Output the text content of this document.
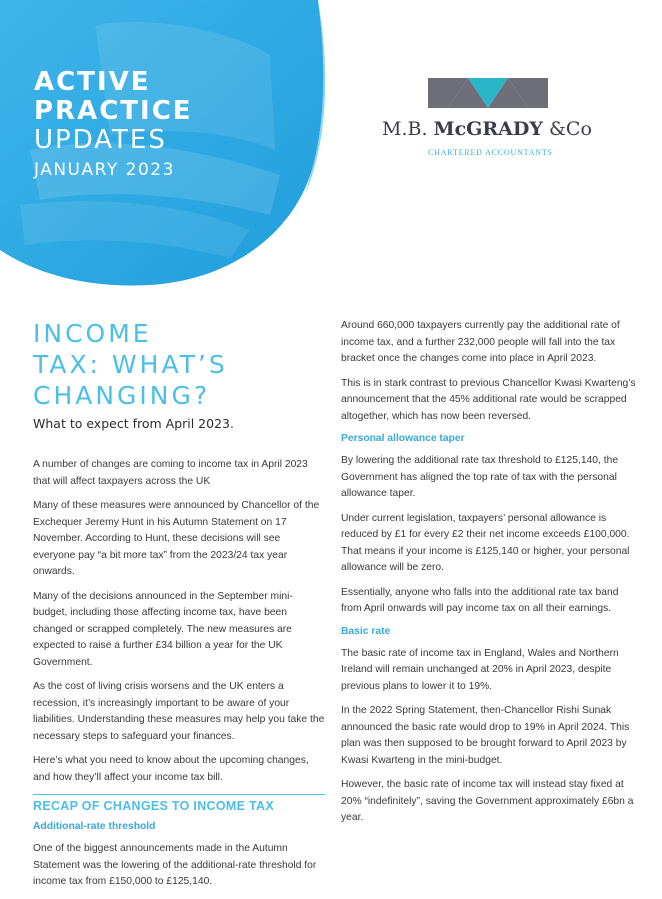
ACTIVE
PRACTICE
UPDATES
JANUARY 2023
M.B. McGRADY &Co
CHARTERED ACCOUNTANTS
INCOME
TAX: WHAT’S
CHANGING?
What to expect from April 2023.

A number of changes are coming to income tax in April 2023 that will affect taxpayers across the UK

Many of these measures were announced by Chancellor of the Exchequer Jeremy Hunt in his Autumn Statement on 17 November. According to Hunt, these decisions will see everyone pay “a bit more tax” from the 2023/24 tax year onwards.

Many of the decisions announced in the September mini-budget, including those affecting income tax, have been changed or scrapped completely. The new measures are expected to raise a further £34 billion a year for the UK Government.

As the cost of living crisis worsens and the UK enters a recession, it’s increasingly important to be aware of your liabilities. Understanding these measures may help you take the necessary steps to safeguard your finances.

Here’s what you need to know about the upcoming changes, and how they’ll affect your income tax bill.

RECAP OF CHANGES TO INCOME TAX
Additional-rate threshold

One of the biggest announcements made in the Autumn Statement was the lowering of the additional-rate threshold for income tax from £150,000 to £125,140.

Around 660,000 taxpayers currently pay the additional rate of income tax, and a further 232,000 people will fall into the tax bracket once the changes come into place in April 2023.

This is in stark contrast to previous Chancellor Kwasi Kwarteng’s announcement that the 45% additional rate would be scrapped altogether, which has now been reversed.

Personal allowance taper

By lowering the additional rate tax threshold to £125,140, the Government has aligned the top rate of tax with the personal allowance taper.

Under current legislation, taxpayers’ personal allowance is reduced by £1 for every £2 their net income exceeds £100,000. That means if your income is £125,140 or higher, your personal allowance will be zero.

Essentially, anyone who falls into the additional rate tax band from April onwards will pay income tax on all their earnings.

Basic rate

The basic rate of income tax in England, Wales and Northern Ireland will remain unchanged at 20% in April 2023, despite previous plans to lower it to 19%.

In the 2022 Spring Statement, then-Chancellor Rishi Sunak announced the basic rate would drop to 19% in April 2024. This plan was then supposed to be brought forward to April 2023 by Kwasi Kwarteng in the mini-budget.

However, the basic rate of income tax will instead stay fixed at 20% “indefinitely”, saving the Government approximately £6bn a year.
